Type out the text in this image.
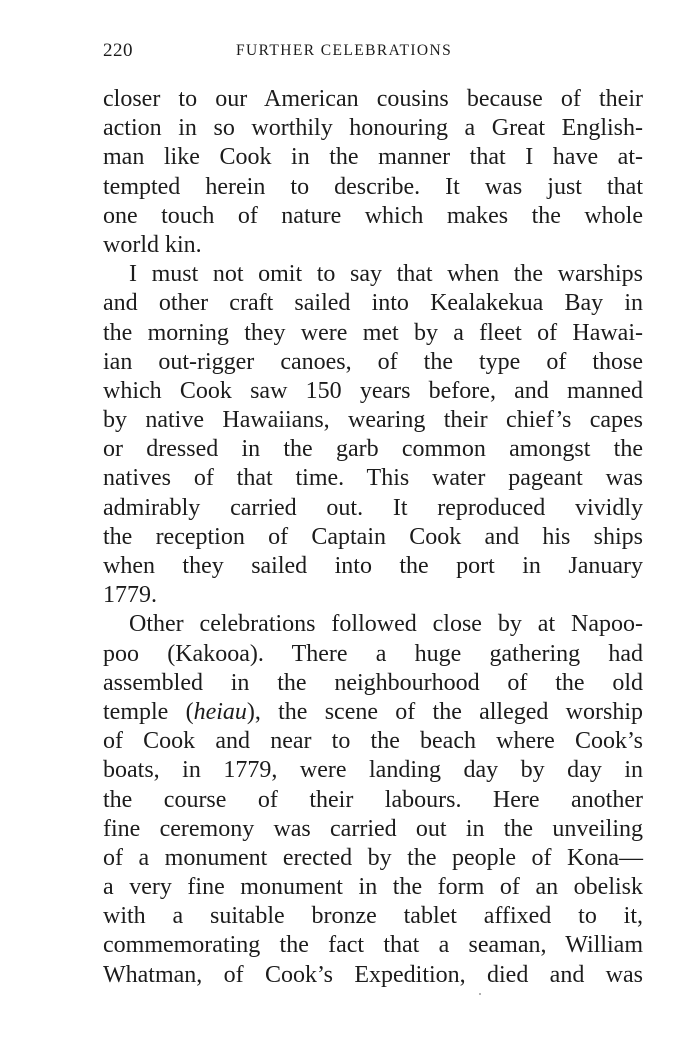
220	FURTHER CELEBRATIONS
closer to our American cousins because of their
action in so worthily honouring a Great English-
man like Cook in the manner that I have at-
tempted herein to describe. It was just that
one touch of nature which makes the whole
world kin.
I must not omit to say that when the warships
and other craft sailed into Kealakekua Bay in
the morning they were met by a fleet of Hawai-
ian out-rigger canoes, of the type of those
which Cook saw 150 years before, and manned
by native Hawaiians, wearing their chief’s capes
or dressed in the garb common amongst the
natives of that time. This water pageant was
admirably carried out. It reproduced vividly
the reception of Captain Cook and his ships
when they sailed into the port in January
1779.
Other celebrations followed close by at Napoo-
poo (Kakooa). There a huge gathering had
assembled in the neighbourhood of the old
temple (heiau), the scene of the alleged worship
of Cook and near to the beach where Cook’s
boats, in 1779, were landing day by day in
the course of their labours. Here another
fine ceremony was carried out in the unveiling
of a monument erected by the people of Kona—
a very fine monument in the form of an obelisk
with a suitable bronze tablet affixed to it,
commemorating the fact that a seaman, William
Whatman, of Cook’s Expedition, died and was
